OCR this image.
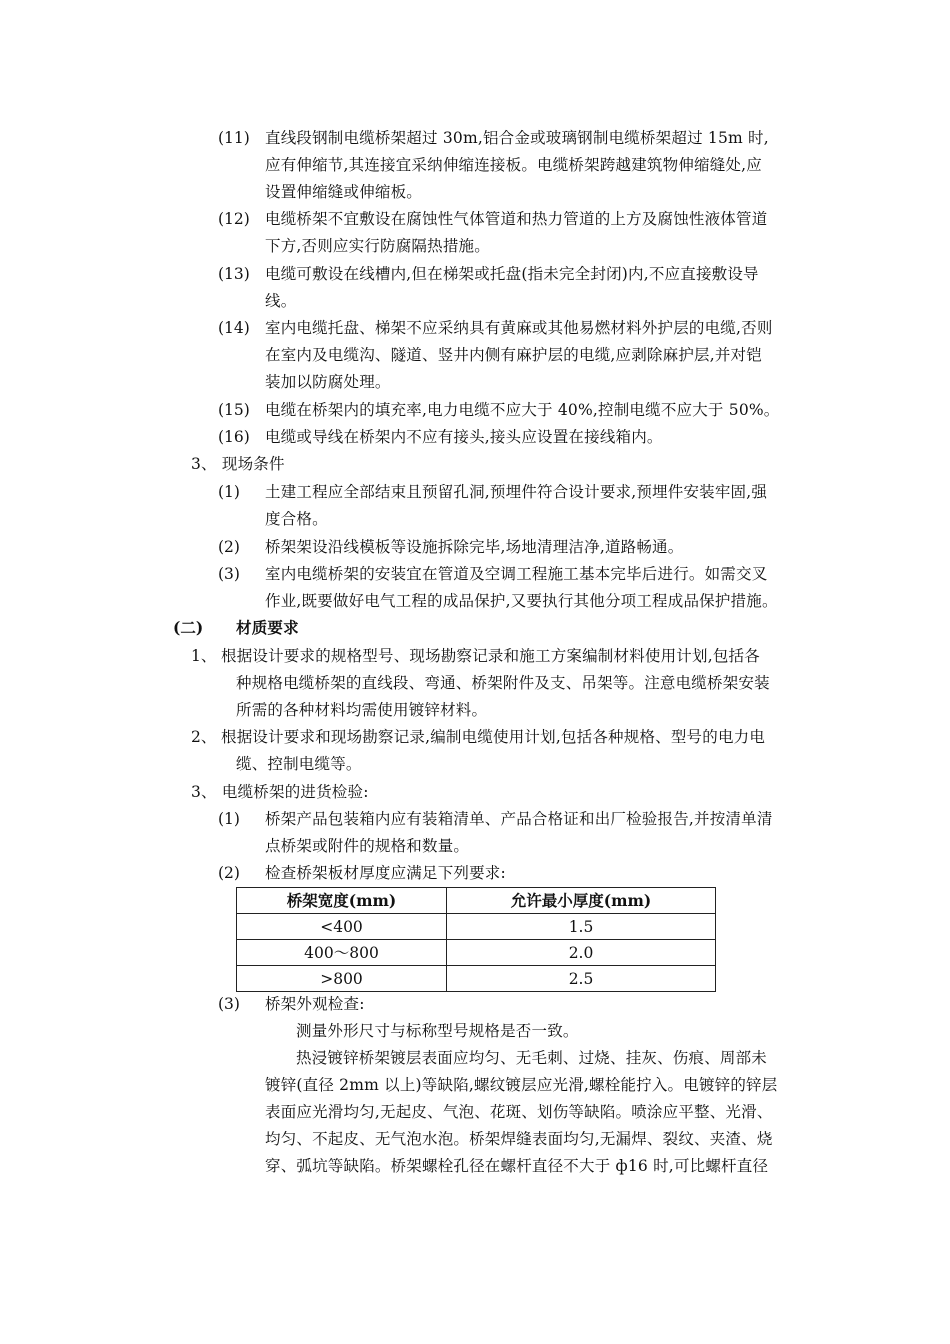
(11) 直线段钢制电缆桥架超过 30m,铝合金或玻璃钢制电缆桥架超过 15m 时,
应有伸缩节,其连接宜采纳伸缩连接板。电缆桥架跨越建筑物伸缩缝处,应
设置伸缩缝或伸缩板。
(12) 电缆桥架不宜敷设在腐蚀性气体管道和热力管道的上方及腐蚀性液体管道
下方,否则应实行防腐隔热措施。
(13) 电缆可敷设在线槽内,但在梯架或托盘(指未完全封闭)内,不应直接敷设导
线。
(14) 室内电缆托盘、梯架不应采纳具有黄麻或其他易燃材料外护层的电缆,否则
在室内及电缆沟、隧道、竖井内侧有麻护层的电缆,应剥除麻护层,并对铠
装加以防腐处理。
(15) 电缆在桥架内的填充率,电力电缆不应大于 40%,控制电缆不应大于 50%。
(16) 电缆或导线在桥架内不应有接头,接头应设置在接线箱内。
3、 现场条件
(1) 土建工程应全部结束且预留孔洞,预埋件符合设计要求,预埋件安装牢固,强
度合格。
(2) 桥架架设沿线模板等设施拆除完毕,场地清理洁净,道路畅通。
(3) 室内电缆桥架的安装宜在管道及空调工程施工基本完毕后进行。如需交叉
作业,既要做好电气工程的成品保护,又要执行其他分项工程成品保护措施。
(二) 材质要求
1、 根据设计要求的规格型号、现场勘察记录和施工方案编制材料使用计划,包括各
种规格电缆桥架的直线段、弯通、桥架附件及支、吊架等。注意电缆桥架安装
所需的各种材料均需使用镀锌材料。
2、 根据设计要求和现场勘察记录,编制电缆使用计划,包括各种规格、型号的电力电
缆、控制电缆等。
3、 电缆桥架的进货检验:
(1) 桥架产品包装箱内应有装箱清单、产品合格证和出厂检验报告,并按清单清
点桥架或附件的规格和数量。
(2) 检查桥架板材厚度应满足下列要求:
桥架宽度(mm)	允许最小厚度(mm)
<400	1.5
400～800	2.0
>800	2.5
(3) 桥架外观检查:
测量外形尺寸与标称型号规格是否一致。
热浸镀锌桥架镀层表面应均匀、无毛刺、过烧、挂灰、伤痕、周部未
镀锌(直径 2mm 以上)等缺陷,螺纹镀层应光滑,螺栓能拧入。电镀锌的锌层
表面应光滑均匀,无起皮、气泡、花斑、划伤等缺陷。喷涂应平整、光滑、
均匀、不起皮、无气泡水泡。桥架焊缝表面均匀,无漏焊、裂纹、夹渣、烧
穿、弧坑等缺陷。桥架螺栓孔径在螺杆直径不大于 ф16 时,可比螺杆直径
